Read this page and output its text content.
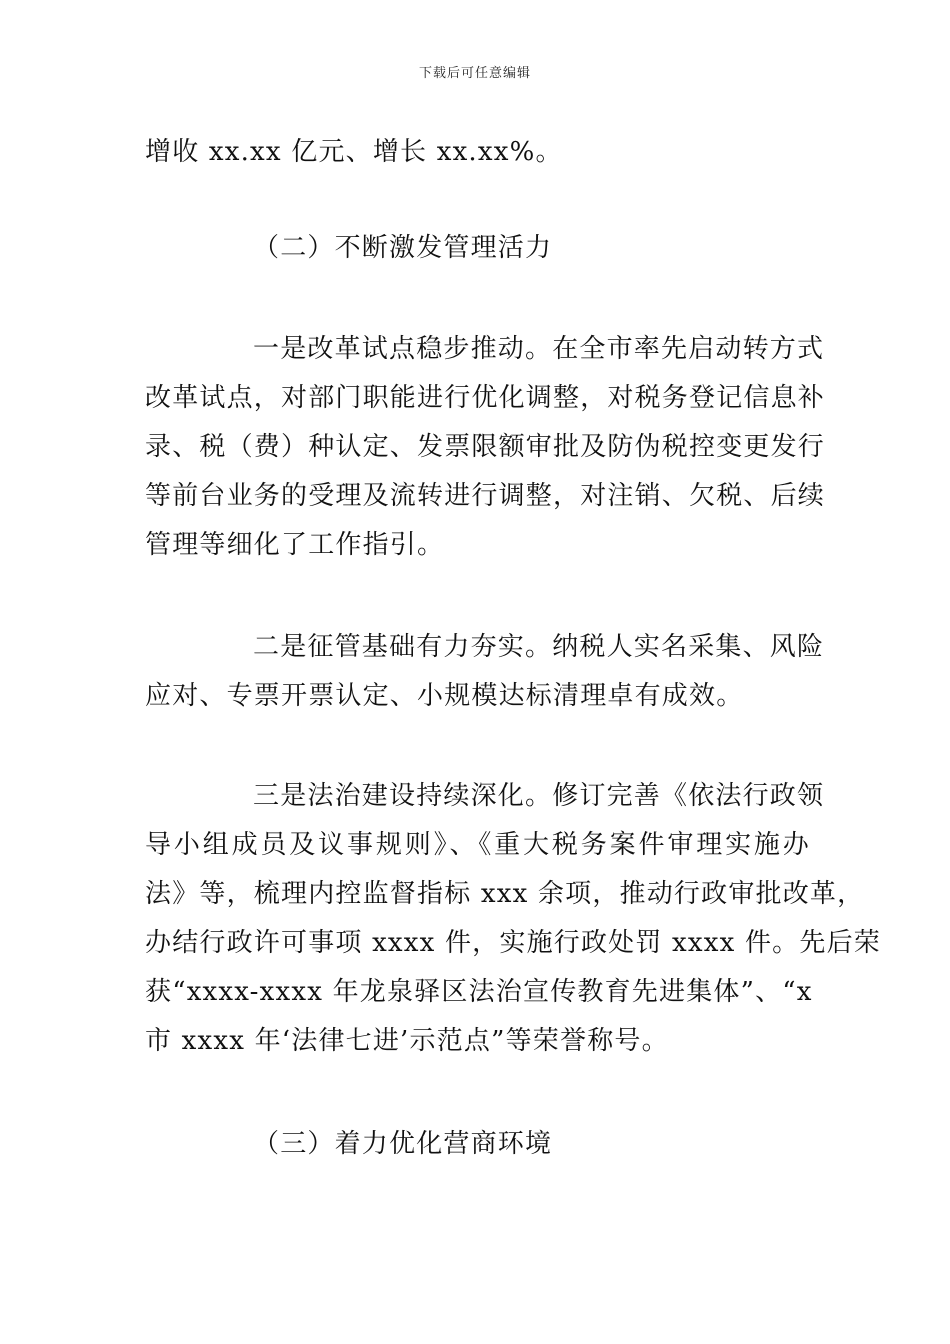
下载后可任意编辑
增收 xx.xx 亿元、增长 xx.xx%。
（二）不断激发管理活力
一是改革试点稳步推动。在全市率先启动转方式
改革试点，对部门职能进行优化调整，对税务登记信息补
录、税（费）种认定、发票限额审批及防伪税控变更发行
等前台业务的受理及流转进行调整，对注销、欠税、后续
管理等细化了工作指引。
二是征管基础有力夯实。纳税人实名采集、风险
应对、专票开票认定、小规模达标清理卓有成效。
三是法治建设持续深化。修订完善《依法行政领
导小组成员及议事规则》、《重大税务案件审理实施办
法》等，梳理内控监督指标 xxx 余项，推动行政审批改革，
办结行政许可事项 xxxx 件，实施行政处罚 xxxx 件。先后荣
获“xxxx-xxxx 年龙泉驿区法治宣传教育先进集体”、“x
市 xxxx 年‘法律七进’示范点”等荣誉称号。
（三）着力优化营商环境
